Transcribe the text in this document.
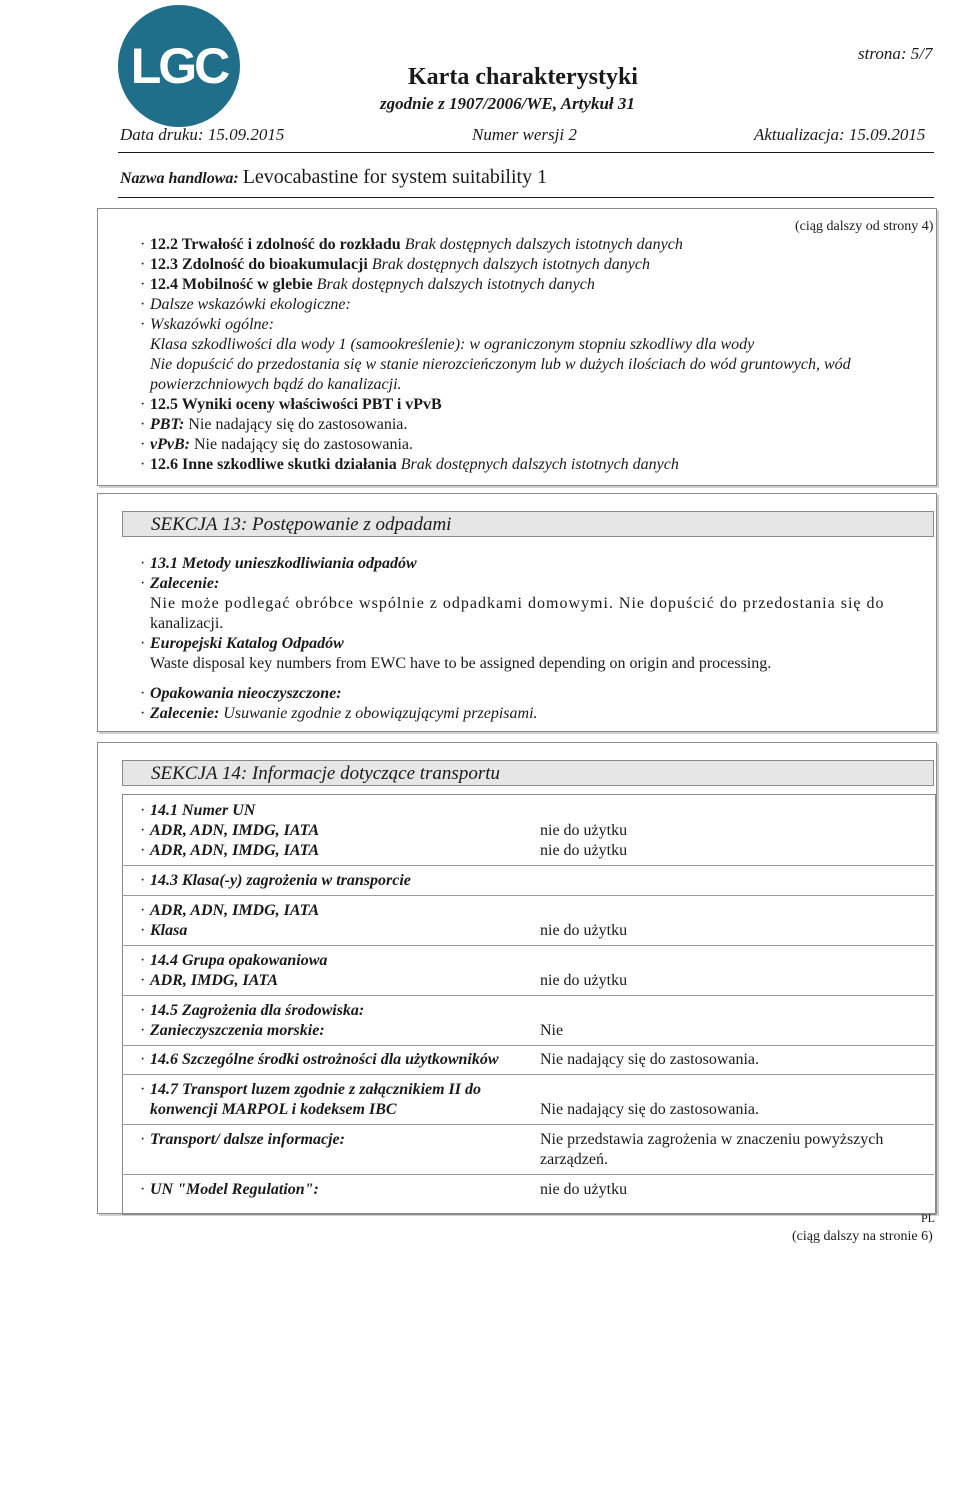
LGC	Karta charakterystyki
zgodnie z 1907/2006/WE, Artykuł 31
strona: 5/7
Data druku: 15.09.2015	Numer wersji 2	Aktualizacja: 15.09.2015
Nazwa handlowa: Levocabastine for system suitability 1
(ciąg dalszy od strony 4)
· 12.2 Trwałość i zdolność do rozkładu Brak dostępnych dalszych istotnych danych
· 12.3 Zdolność do bioakumulacji Brak dostępnych dalszych istotnych danych
· 12.4 Mobilność w glebie Brak dostępnych dalszych istotnych danych
· Dalsze wskazówki ekologiczne:
· Wskazówki ogólne:
Klasa szkodliwości dla wody 1 (samookreślenie): w ograniczonym stopniu szkodliwy dla wody
Nie dopuścić do przedostania się w stanie nierozcieńczonym lub w dużych ilościach do wód gruntowych, wód
powierzchniowych bądź do kanalizacji.
· 12.5 Wyniki oceny właściwości PBT i vPvB
· PBT: Nie nadający się do zastosowania.
· vPvB: Nie nadający się do zastosowania.
· 12.6 Inne szkodliwe skutki działania Brak dostępnych dalszych istotnych danych
SEKCJA 13: Postępowanie z odpadami
· 13.1 Metody unieszkodliwiania odpadów
· Zalecenie:
Nie może podlegać obróbce wspólnie z odpadkami domowymi. Nie dopuścić do przedostania się do
kanalizacji.
· Europejski Katalog Odpadów
Waste disposal key numbers from EWC have to be assigned depending on origin and processing.
· Opakowania nieoczyszczone:
· Zalecenie: Usuwanie zgodnie z obowiązującymi przepisami.
SEKCJA 14: Informacje dotyczące transportu
· 14.1 Numer UN
· ADR, ADN, IMDG, IATA	nie do użytku
· ADR, ADN, IMDG, IATA	nie do użytku
· 14.3 Klasa(-y) zagrożenia w transporcie
· ADR, ADN, IMDG, IATA
· Klasa	nie do użytku
· 14.4 Grupa opakowaniowa
· ADR, IMDG, IATA	nie do użytku
· 14.5 Zagrożenia dla środowiska:
· Zanieczyszczenia morskie:	Nie
· 14.6 Szczególne środki ostrożności dla użytkowników	Nie nadający się do zastosowania.
· 14.7 Transport luzem zgodnie z załącznikiem II do
konwencji MARPOL i kodeksem IBC	Nie nadający się do zastosowania.
· Transport/ dalsze informacje:	Nie przedstawia zagrożenia w znaczeniu powyższych
zarządzeń.
· UN "Model Regulation":	nie do użytku
PL
(ciąg dalszy na stronie 6)
